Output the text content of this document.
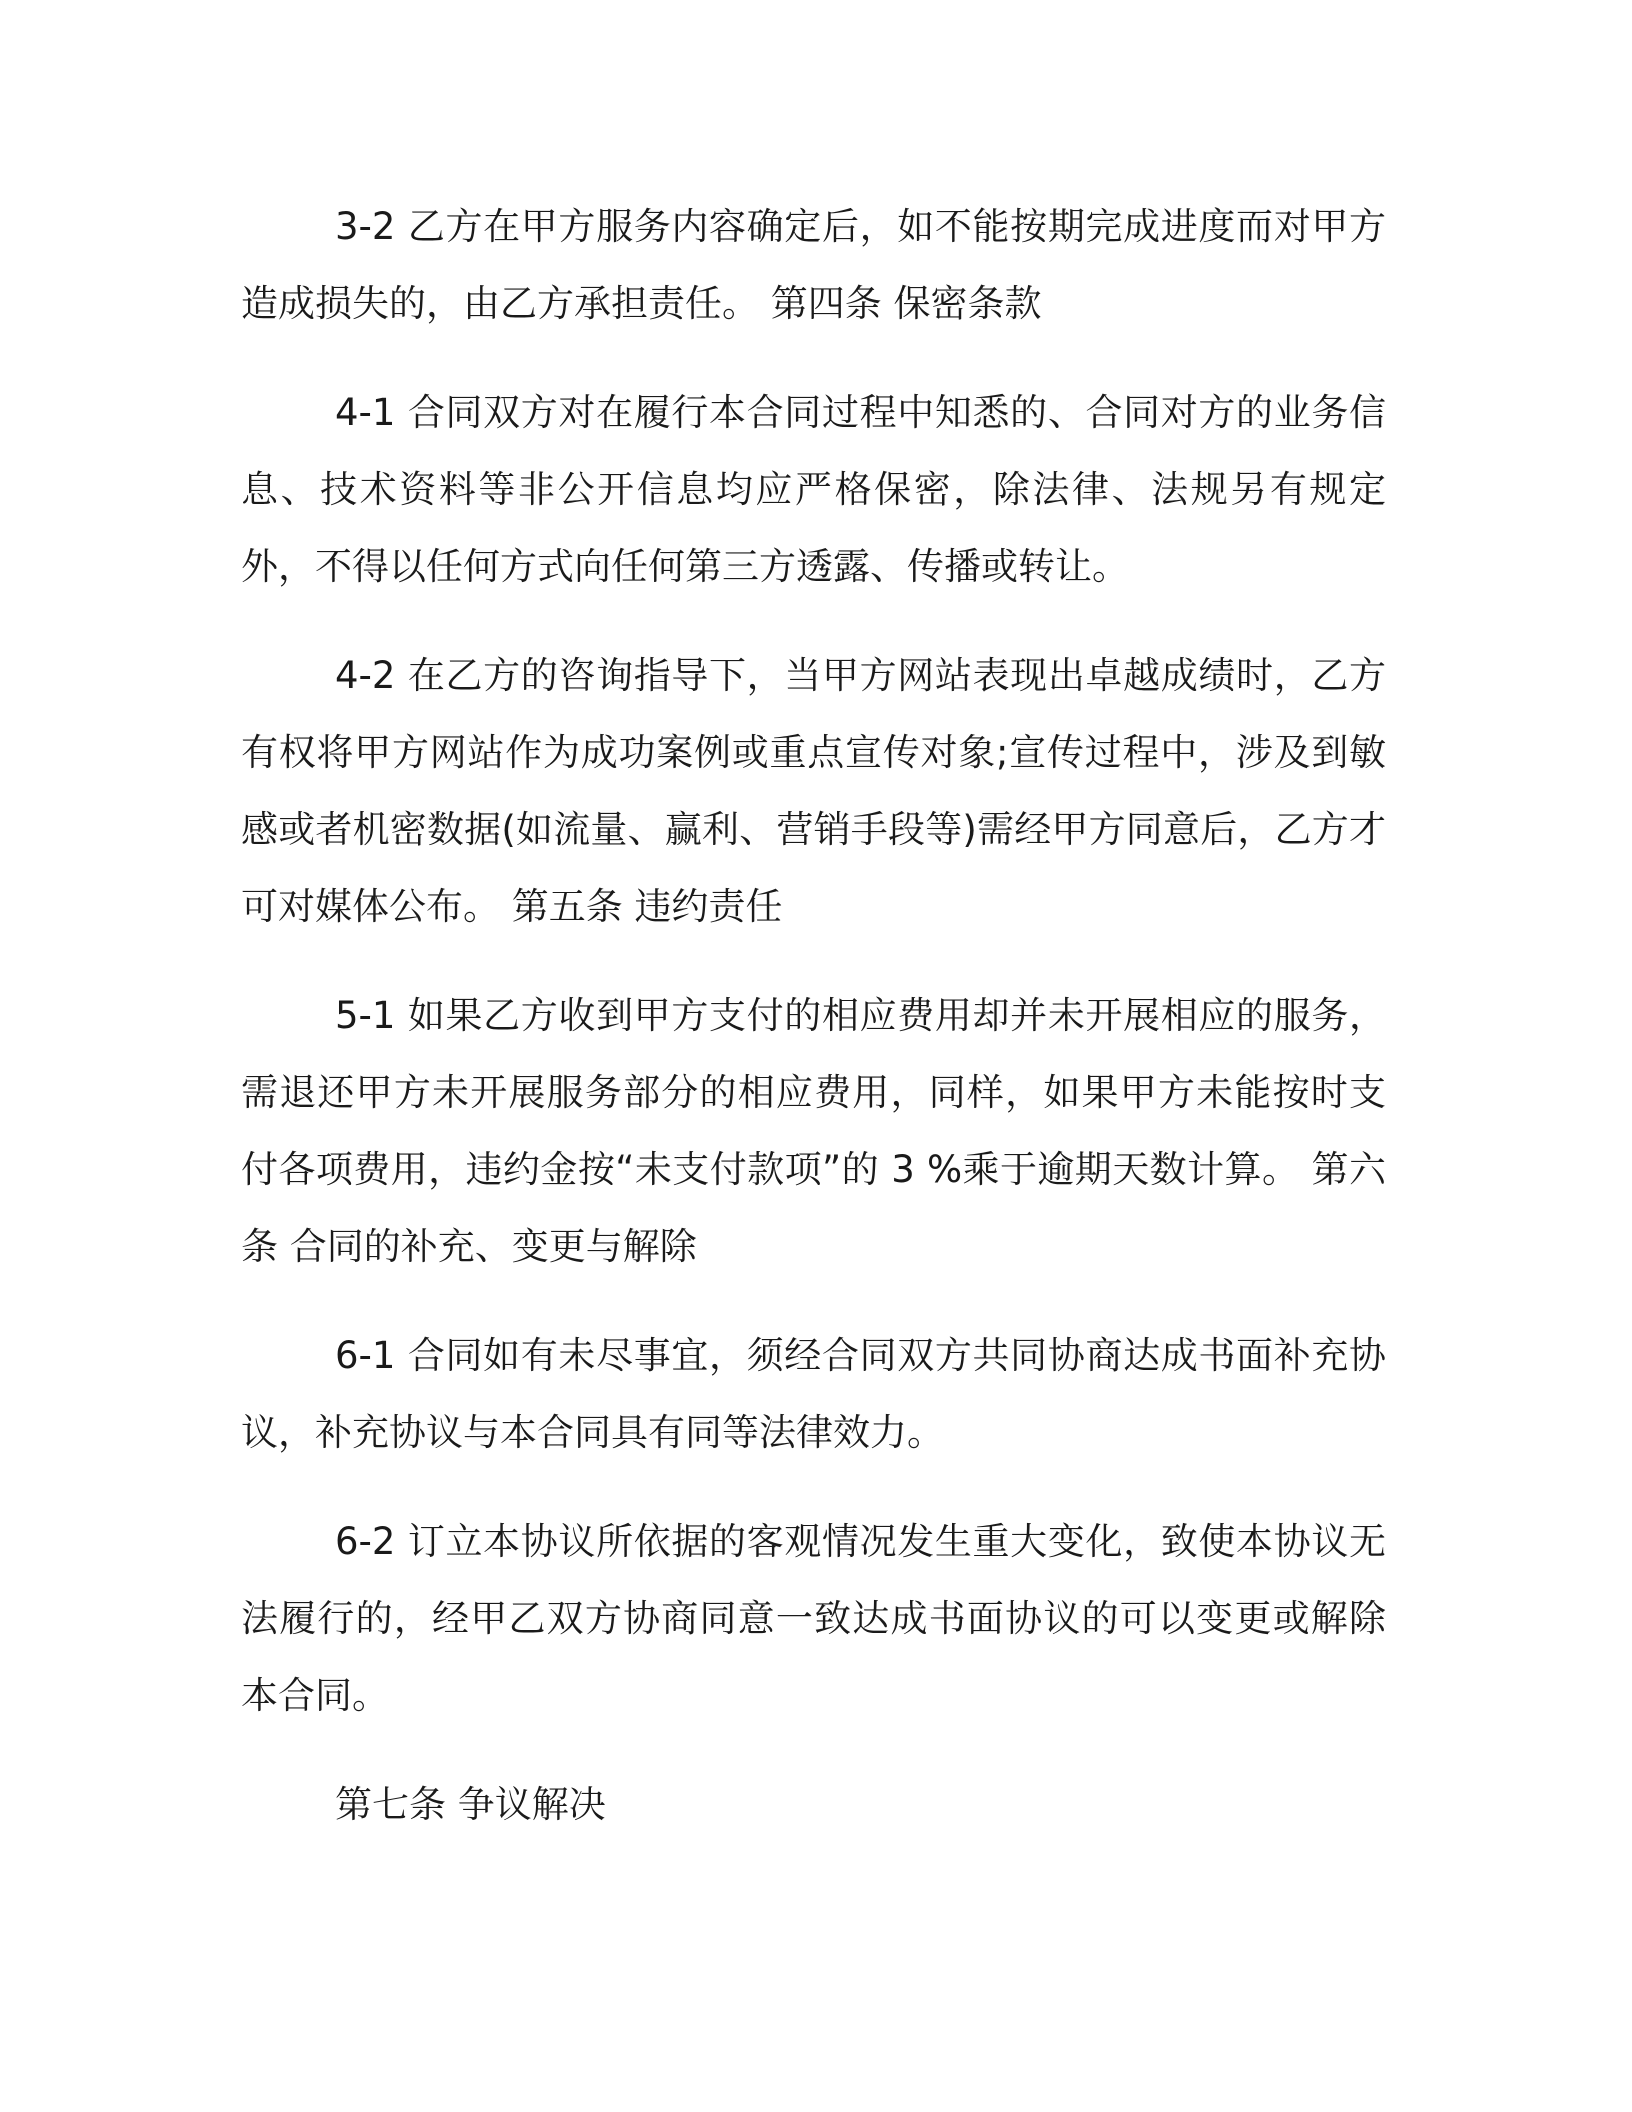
3-2 乙方在甲方服务内容确定后，如不能按期完成进度而对甲方造成损失的，由乙方承担责任。 第四条 保密条款

4-1 合同双方对在履行本合同过程中知悉的、合同对方的业务信息、技术资料等非公开信息均应严格保密，除法律、法规另有规定外，不得以任何方式向任何第三方透露、传播或转让。

4-2 在乙方的咨询指导下，当甲方网站表现出卓越成绩时，乙方有权将甲方网站作为成功案例或重点宣传对象;宣传过程中，涉及到敏感或者机密数据(如流量、赢利、营销手段等)需经甲方同意后，乙方才可对媒体公布。 第五条 违约责任

5-1 如果乙方收到甲方支付的相应费用却并未开展相应的服务，需退还甲方未开展服务部分的相应费用，同样，如果甲方未能按时支付各项费用，违约金按“未支付款项”的 3 %乘于逾期天数计算。 第六条 合同的补充、变更与解除

6-1 合同如有未尽事宜，须经合同双方共同协商达成书面补充协议，补充协议与本合同具有同等法律效力。

6-2 订立本协议所依据的客观情况发生重大变化，致使本协议无法履行的，经甲乙双方协商同意一致达成书面协议的可以变更或解除本合同。

第七条 争议解决
